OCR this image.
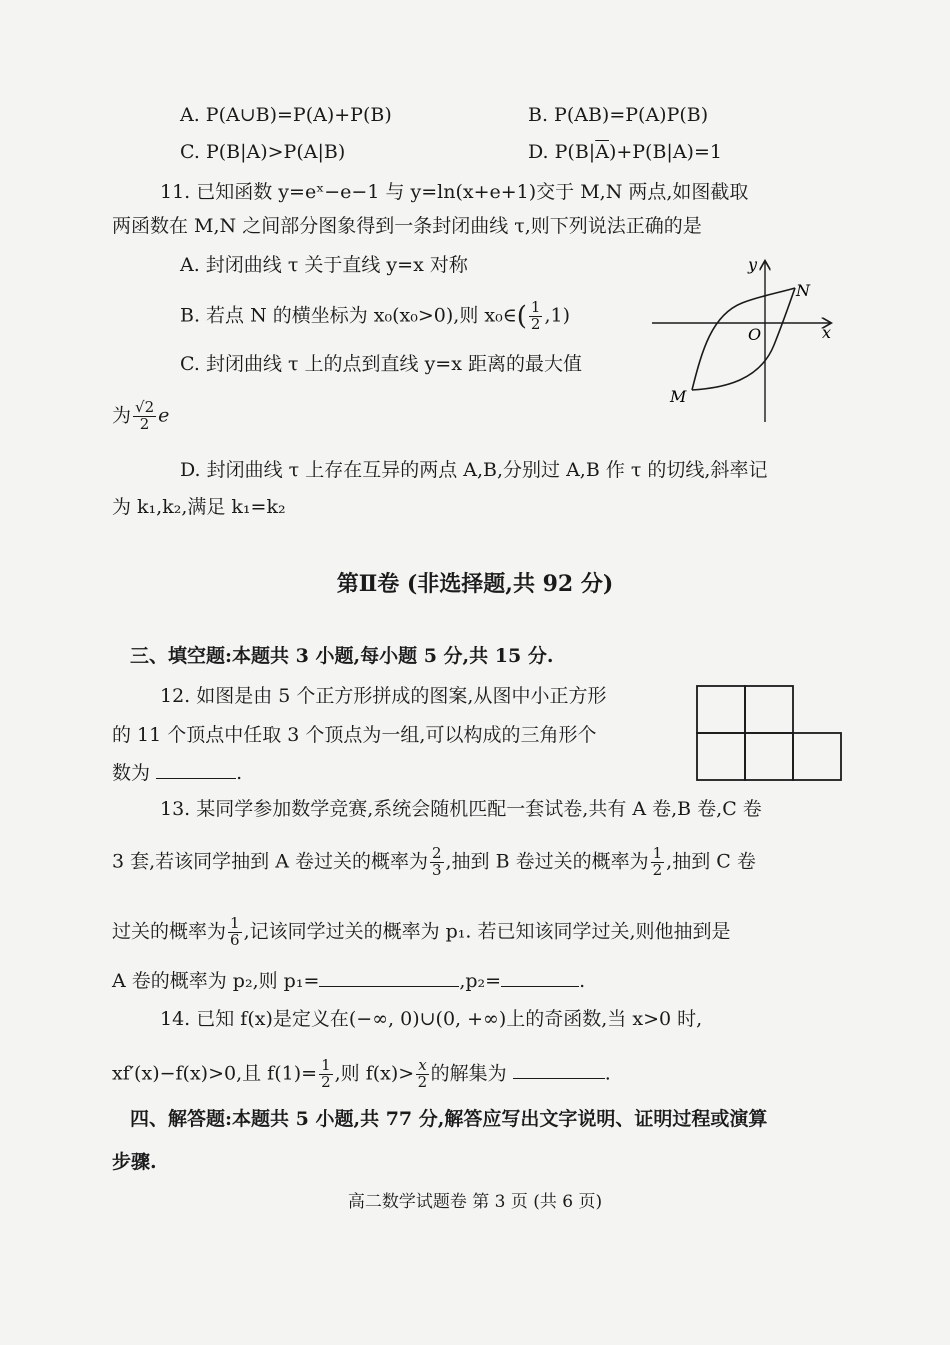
A. P(A∪B)=P(A)+P(B)	B. P(AB)=P(A)P(B)
C. P(B|A)>P(A|B)	D. $P(B|\overline{A})+P(B|A)=1$
11. 已知函数 y=eˣ−e−1 与 y=ln(x+e+1)交于 M,N 两点,如图截取
两函数在 M,N 之间部分图象得到一条封闭曲线 τ,则下列说法正确的是
A. 封闭曲线 τ 关于直线 y=x 对称
B. 若点 N 的横坐标为 x₀(x₀>0),则 x₀∈( $\frac{1}{2} ,1$)
C. 封闭曲线 τ 上的点到直线 y=x 距离的最大值
为 $\frac{√2}{2}$ e
D. 封闭曲线 τ 上存在互异的两点 A,B,分别过 A,B 作 τ 的切线,斜率记
为 k₁,k₂,满足 k₁=k₂
y
x
O
N
M
第Ⅱ卷 (非选择题,共 92 分)
三、填空题:本题共 3 小题,每小题 5 分,共 15 分.
12. 如图是由 5 个正方形拼成的图案,从图中小正方形
的 11 个顶点中任取 3 个顶点为一组,可以构成的三角形个
数为	.
13. 某同学参加数学竞赛,系统会随机匹配一套试卷,共有 A 卷,B 卷,C 卷
3 套,若该同学抽到 A 卷过关的概率为 $\frac{2}{3}$ ,抽到 B 卷过关的概率为 $\frac{1}{2}$ ,抽到 C 卷
过关的概率为 $\frac{1}{6}$ ,记该同学过关的概率为 p₁. 若已知该同学过关,则他抽到是
A 卷的概率为 p₂,则 p₁=	,p₂=	.
14. 已知 f(x)是定义在(−∞, 0)∪(0, +∞)上的奇函数,当 x>0 时,
xf′(x)−f(x)>0,且 $f(1)= \frac{1}{2}$ ,则 $f(x)> \frac{x}{2}$ 的解集为	.
四、解答题:本题共 5 小题,共 77 分,解答应写出文字说明、证明过程或演算
步骤.
高二数学试题卷 第 3 页 (共 6 页)
